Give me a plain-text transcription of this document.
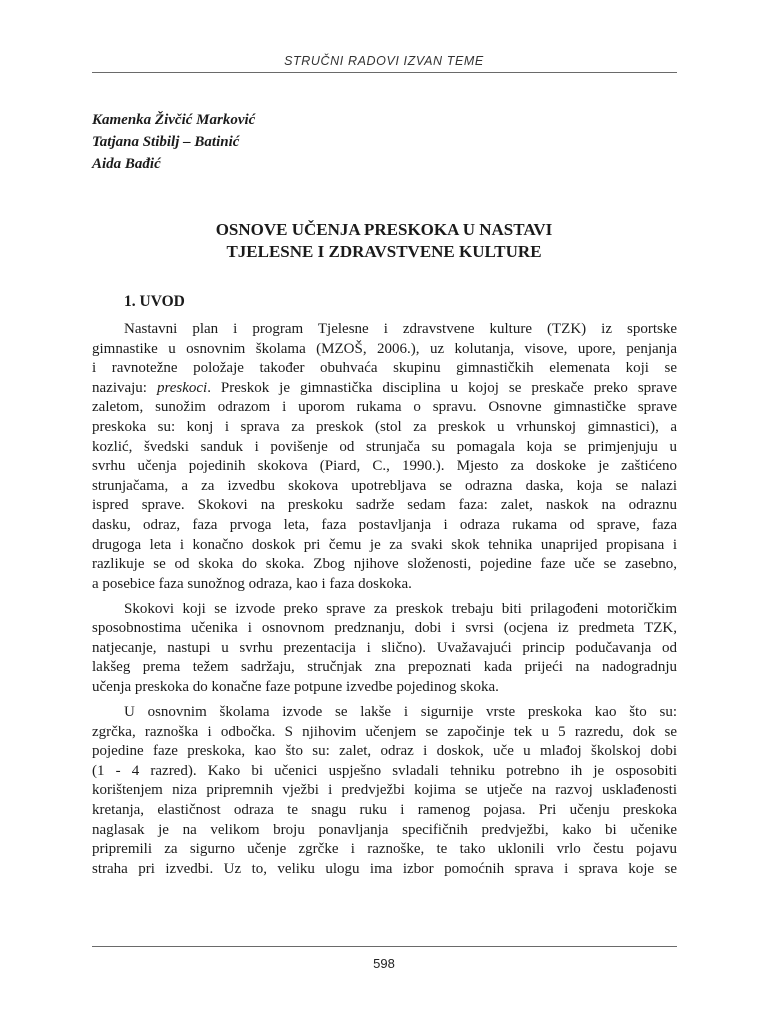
STRUČNI RADOVI IZVAN TEME
Kamenka Živčić Marković
Tatjana Stibilj – Batinić
Aida Bađić
OSNOVE UČENJA PRESKOKA U NASTAVI
TJELESNE I ZDRAVSTVENE KULTURE
1. UVOD
Nastavni plan i program Tjelesne i zdravstvene kulture (TZK) iz sportske
gimnastike u osnovnim školama (MZOŠ, 2006.), uz kolutanja, visove, upore, penjanja
i ravnotežne položaje također obuhvaća skupinu gimnastičkih elemenata koji se
nazivaju: preskoci. Preskok je gimnastička disciplina u kojoj se preskače preko sprave
zaletom, sunožim odrazom i uporom rukama o spravu. Osnovne gimnastičke sprave
preskoka su: konj i sprava za preskok (stol za preskok u vrhunskoj gimnastici), a
kozlić, švedski sanduk i povišenje od strunjača su pomagala koja se primjenjuju u
svrhu učenja pojedinih skokova (Piard, C., 1990.). Mjesto za doskoke je zaštićeno
strunjačama, a za izvedbu skokova upotrebljava se odrazna daska, koja se nalazi
ispred sprave. Skokovi na preskoku sadrže sedam faza: zalet, naskok na odraznu
dasku, odraz, faza prvoga leta, faza postavljanja i odraza rukama od sprave, faza
drugoga leta i konačno doskok pri čemu je za svaki skok tehnika unaprijed propisana i
razlikuje se od skoka do skoka. Zbog njihove složenosti, pojedine faze uče se zasebno,
a posebice faza sunožnog odraza, kao i faza doskoka.
Skokovi koji se izvode preko sprave za preskok trebaju biti prilagođeni motoričkim
sposobnostima učenika i osnovnom predznanju, dobi i svrsi (ocjena iz predmeta TZK,
natjecanje, nastupi u svrhu prezentacija i slično). Uvažavajući princip podučavanja od
lakšeg prema težem sadržaju, stručnjak zna prepoznati kada prijeći na nadogradnju
učenja preskoka do konačne faze potpune izvedbe pojedinog skoka.
U osnovnim školama izvode se lakše i sigurnije vrste preskoka kao što su:
zgrčka, raznoška i odbočka. S njihovim učenjem se započinje tek u 5 razredu, dok se
pojedine faze preskoka, kao što su: zalet, odraz i doskok, uče u mlađoj školskoj dobi
(1 - 4 razred). Kako bi učenici uspješno svladali tehniku potrebno ih je osposobiti
korištenjem niza pripremnih vježbi i predvježbi kojima se utječe na razvoj usklađenosti
kretanja, elastičnost odraza te snagu ruku i ramenog pojasa. Pri učenju preskoka
naglasak je na velikom broju ponavljanja specifičnih predvježbi, kako bi učenike
pripremili za sigurno učenje zgrčke i raznoške, te tako uklonili vrlo čestu pojavu
straha pri izvedbi. Uz to, veliku ulogu ima izbor pomoćnih sprava i sprava koje se
598
